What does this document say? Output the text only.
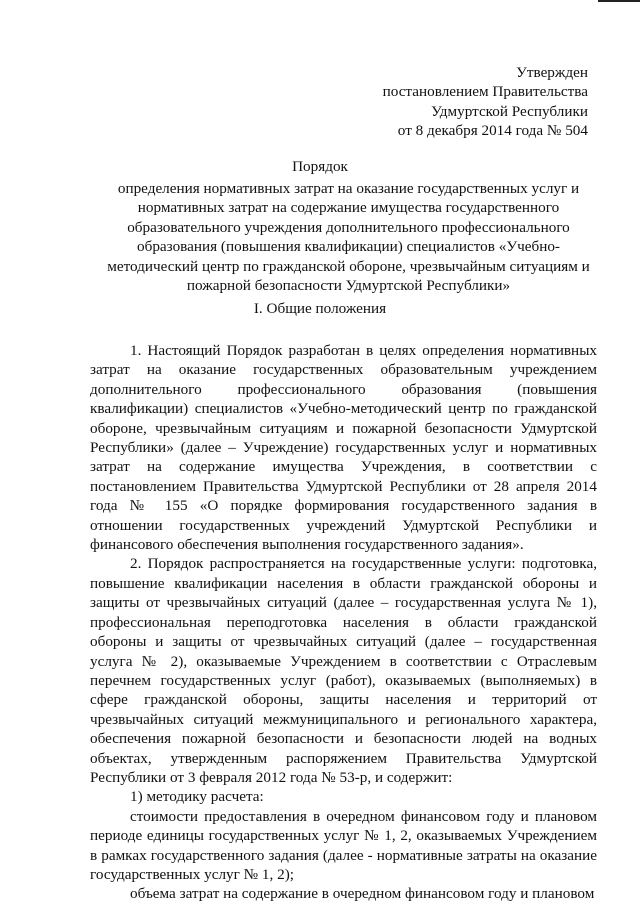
Утвержден
постановлением Правительства
Удмуртской Республики
от 8 декабря 2014 года № 504
Порядок
определения нормативных затрат на оказание государственных услуг и нормативных затрат на содержание имущества государственного образовательного учреждения дополнительного профессионального образования (повышения квалификации) специалистов «Учебно-методический центр по гражданской обороне, чрезвычайным ситуациям и пожарной безопасности Удмуртской Республики»
I. Общие положения

1. Настоящий Порядок разработан в целях определения нормативных затрат на оказание государственных образовательным учреждением дополнительного профессионального образования (повышения квалификации) специалистов «Учебно-методический центр по гражданской обороне, чрезвычайным ситуациям и пожарной безопасности Удмуртской Республики» (далее – Учреждение) государственных услуг и нормативных затрат на содержание имущества Учреждения, в соответствии с постановлением Правительства Удмуртской Республики от 28 апреля 2014 года № 155 «О порядке формирования государственного задания в отношении государственных учреждений Удмуртской Республики и финансового обеспечения выполнения государственного задания».

2. Порядок распространяется на государственные услуги: подготовка, повышение квалификации населения в области гражданской обороны и защиты от чрезвычайных ситуаций (далее – государственная услуга № 1), профессиональная переподготовка населения в области гражданской обороны и защиты от чрезвычайных ситуаций (далее – государственная услуга № 2), оказываемые Учреждением в соответствии с Отраслевым перечнем государственных услуг (работ), оказываемых (выполняемых) в сфере гражданской обороны, защиты населения и территорий от чрезвычайных ситуаций межмуниципального и регионального характера, обеспечения пожарной безопасности и безопасности людей на водных объектах, утвержденным распоряжением Правительства Удмуртской Республики от 3 февраля 2012 года № 53-р, и содержит:

1) методику расчета:

стоимости предоставления в очередном финансовом году и плановом периоде единицы государственных услуг № 1, 2, оказываемых Учреждением в рамках государственного задания (далее - нормативные затраты на оказание государственных услуг № 1, 2);

объема затрат на содержание в очередном финансовом году и плановом
